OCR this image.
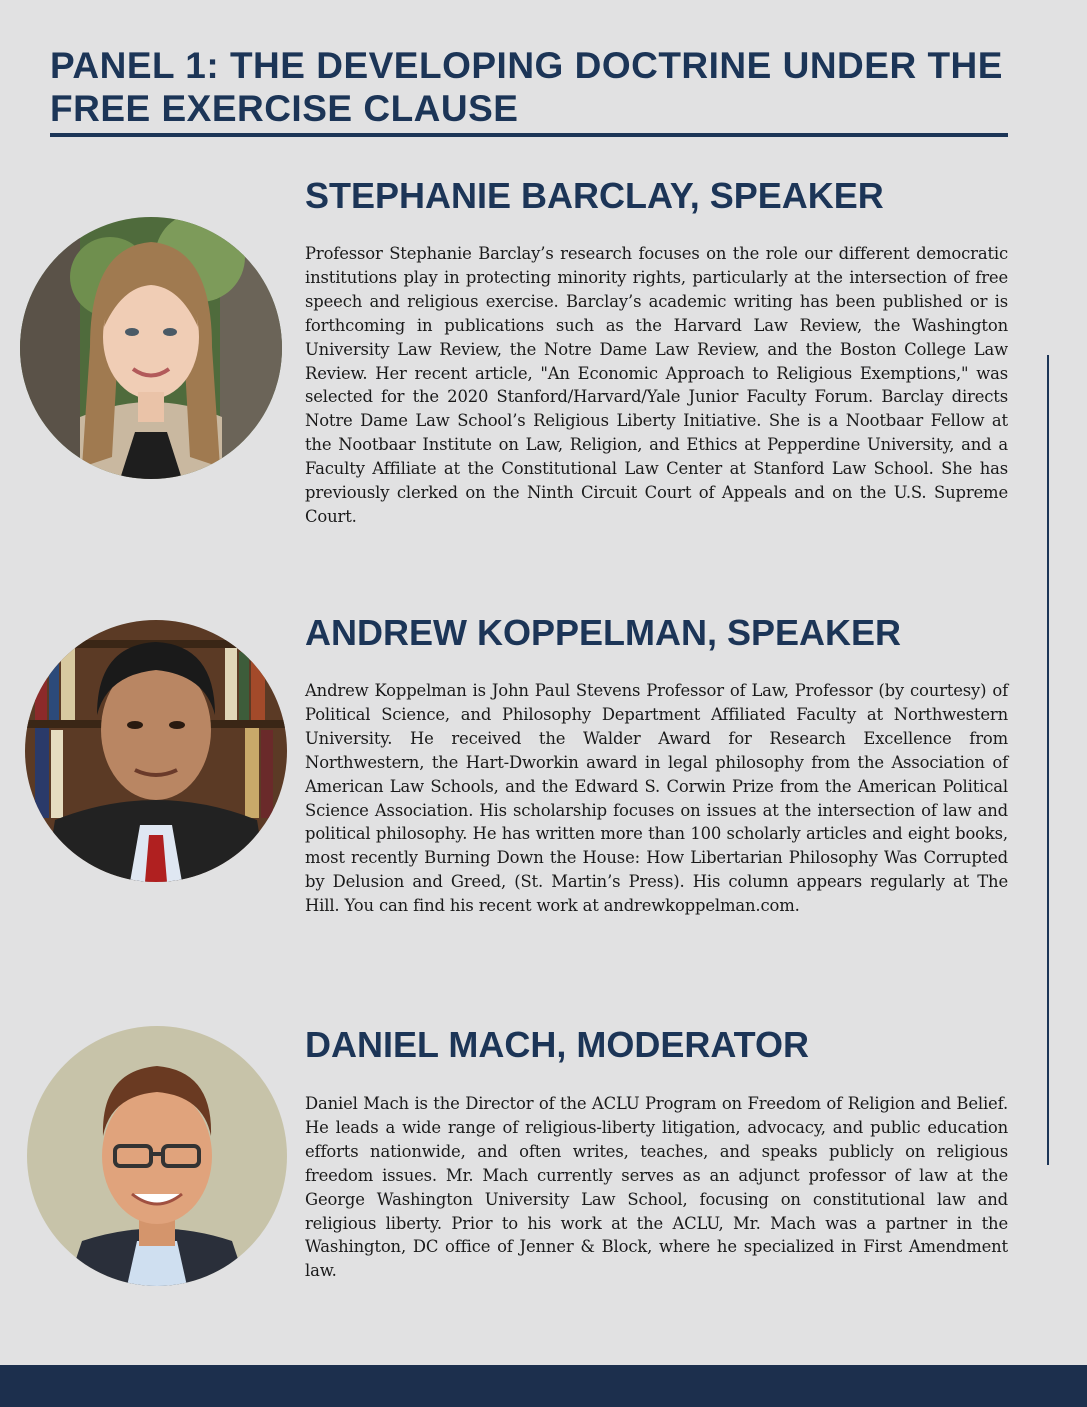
PANEL 1: THE DEVELOPING DOCTRINE UNDER THE FREE EXERCISE CLAUSE
STEPHANIE BARCLAY, SPEAKER

Professor Stephanie Barclay’s research focuses on the role our different democratic institutions play in protecting minority rights, particularly at the intersection of free speech and religious exercise. Barclay’s academic writing has been published or is forthcoming in publications such as the Harvard Law Review, the Washington University Law Review, the Notre Dame Law Review, and the Boston College Law Review. Her recent article, "An Economic Approach to Religious Exemptions," was selected for the 2020 Stanford/Harvard/Yale Junior Faculty Forum. Barclay directs Notre Dame Law School’s Religious Liberty Initiative. She is a Nootbaar Fellow at the Nootbaar Institute on Law, Religion, and Ethics at Pepperdine University, and a Faculty Affiliate at the Constitutional Law Center at Stanford Law School. She has previously clerked on the Ninth Circuit Court of Appeals and on the U.S. Supreme Court.

ANDREW KOPPELMAN, SPEAKER

Andrew Koppelman is John Paul Stevens Professor of Law, Professor (by courtesy) of Political Science, and Philosophy Department Affiliated Faculty at Northwestern University. He received the Walder Award for Research Excellence from Northwestern, the Hart-Dworkin award in legal philosophy from the Association of American Law Schools, and the Edward S. Corwin Prize from the American Political Science Association. His scholarship focuses on issues at the intersection of law and political philosophy. He has written more than 100 scholarly articles and eight books, most recently Burning Down the House: How Libertarian Philosophy Was Corrupted by Delusion and Greed, (St. Martin’s Press). His column appears regularly at The Hill. You can find his recent work at andrewkoppelman.com.

DANIEL MACH, MODERATOR

Daniel Mach is the Director of the ACLU Program on Freedom of Religion and Belief. He leads a wide range of religious-liberty litigation, advocacy, and public education efforts nationwide, and often writes, teaches, and speaks publicly on religious freedom issues. Mr. Mach currently serves as an adjunct professor of law at the George Washington University Law School, focusing on constitutional law and religious liberty. Prior to his work at the ACLU, Mr. Mach was a partner in the Washington, DC office of Jenner & Block, where he specialized in First Amendment law.
